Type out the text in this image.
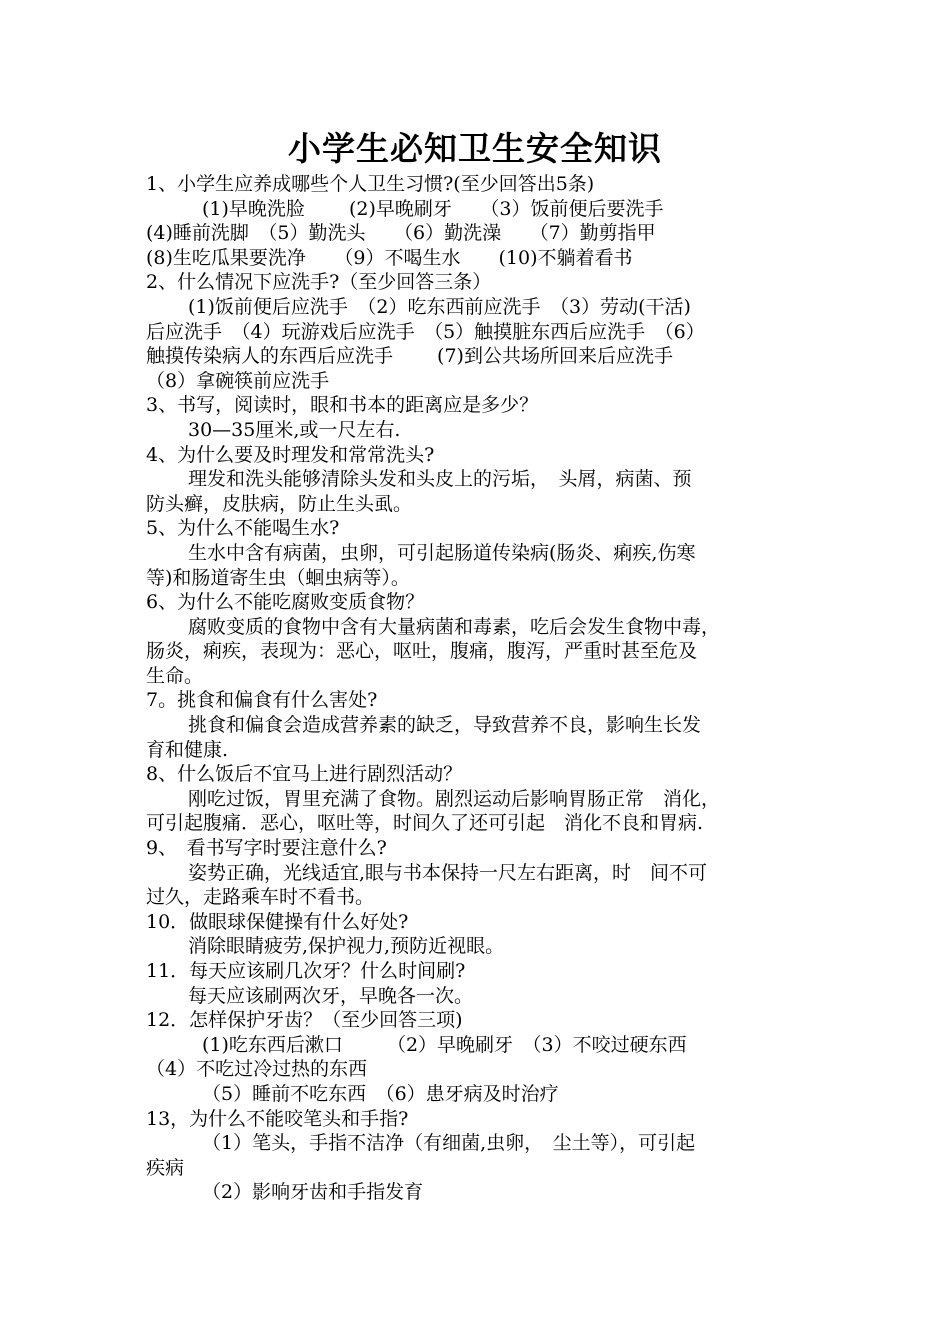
小学生必知卫生安全知识
1、小学生应养成哪些个人卫生习惯?(至少回答出5条)
(1)早晚洗脸　　 (2)早晚刷牙　　（3）饭前便后要洗手
(4)睡前洗脚　（5）勤洗头　　（6）勤洗澡　　（7）勤剪指甲
(8)生吃瓜果要洗净　　（9）不喝生水　　(10)不躺着看书
2、什么情况下应洗手?（至少回答三条）
(1)饭前便后应洗手　（2）吃东西前应洗手　（3）劳动(干活)
后应洗手　（4）玩游戏后应洗手　（5）触摸脏东西后应洗手　（6）
触摸传染病人的东西后应洗手　　 (7)到公共场所回来后应洗手
（8）拿碗筷前应洗手
3、书写，阅读时，眼和书本的距离应是多少？
30—35厘米,或一尺左右.
4、为什么要及时理发和常常洗头?
理发和洗头能够清除头发和头皮上的污垢，　头屑，病菌、预
防头癣，皮肤病，防止生头虱。
5、为什么不能喝生水?
生水中含有病菌，虫卵，可引起肠道传染病(肠炎、痢疾,伤寒
等)和肠道寄生虫（蛔虫病等）。
6、为什么不能吃腐败变质食物？
腐败变质的食物中含有大量病菌和毒素，吃后会发生食物中毒，
肠炎，痢疾，表现为：恶心，呕吐，腹痛，腹泻，严重时甚至危及
生命。
7。挑食和偏食有什么害处?
挑食和偏食会造成营养素的缺乏，导致营养不良，影响生长发
育和健康.
8、什么饭后不宜马上进行剧烈活动？
刚吃过饭，胃里充满了食物。剧烈运动后影响胃肠正常　消化，
可引起腹痛．恶心，呕吐等，时间久了还可引起　消化不良和胃病.
9、　看书写字时要注意什么?
姿势正确，光线适宜,眼与书本保持一尺左右距离，时　间不可
过久，走路乘车时不看书。
10．做眼球保健操有什么好处?
消除眼睛疲劳,保护视力,预防近视眼。
11．每天应该刷几次牙？什么时间刷?
每天应该刷两次牙，早晚各一次。
12．怎样保护牙齿？（至少回答三项)
(1)吃东西后漱口　　 （2）早晚刷牙　（3）不咬过硬东西
（4）不吃过冷过热的东西
（5）睡前不吃东西　（6）患牙病及时治疗
13，为什么不能咬笔头和手指?
（1）笔头，手指不洁净（有细菌,虫卵，　尘土等），可引起
疾病
（2）影响牙齿和手指发育
